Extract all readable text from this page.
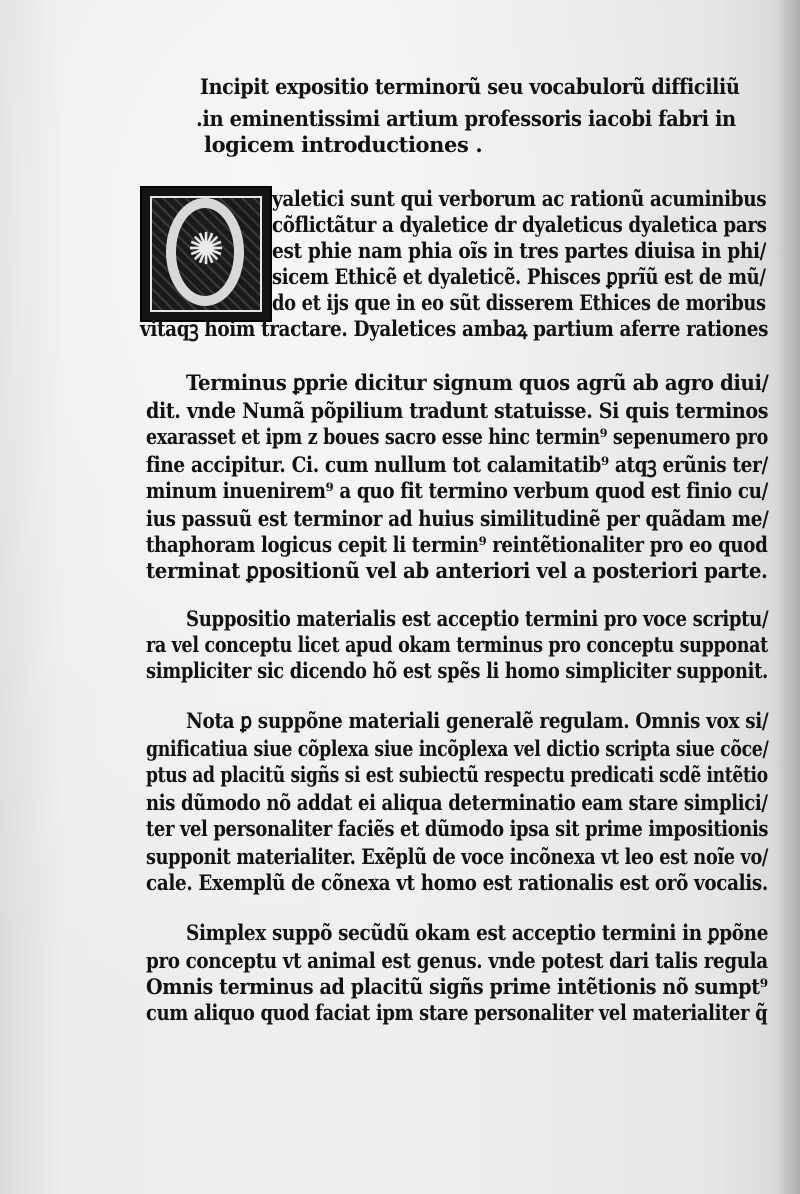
Incipit expositio terminorũ seu vocabulorũ difficiliũ
.in eminentissimi artium professoris iacobi fabri in
logicem introductiones .
✺
yaletici sunt qui verborum ac rationũ acuminibus
cõflictãtur a dyaletice dr dyaleticus dyaletica pars
est phie nam phia oĩs in tres partes diuisa in phi/
sicem Ethicẽ et dyaleticẽ. Phisces ꝑprĩũ est de mũ/
do et ijs que in eo sũt disserem Ethices de moribus
vitaqꝫ hoim tractare. Dyaletices ambaꝝ partium aferre rationes
Terminus ꝑprie dicitur signum quos agrũ ab agro diui/
dit. vnde Numã põpilium tradunt statuisse. Si quis terminos
exarasset et ipm z boues sacro esse hinc termin⁹ sepenumero pro
fine accipitur. Ci. cum nullum tot calamitatib⁹ atqꝫ erũnis ter/
minum inuenirem⁹ a quo fit termino verbum quod est finio cu/
ius passuũ est terminor ad huius similitudinẽ per quãdam me/
thaphoram logicus cepit li termin⁹ reintẽtionaliter pro eo quod
terminat ꝑpositionũ vel ab anteriori vel a posteriori parte.
Suppositio materialis est acceptio termini pro voce scriptu/
ra vel conceptu licet apud okam terminus pro conceptu supponat
simpliciter sic dicendo hõ est spẽs li homo simpliciter supponit.
Nota ꝑ suppõne materiali generalẽ regulam. Omnis vox si/
gnificatiua siue cõplexa siue incõplexa vel dictio scripta siue cõce/
ptus ad placitũ sigñs si est subiectũ respectu predicati scdẽ intẽtio
nis dũmodo nõ addat ei aliqua determinatio eam stare simplici/
ter vel personaliter faciẽs et dũmodo ipsa sit prime impositionis
supponit materialiter. Exẽplũ de voce incõnexa vt leo est noĩe vo/
cale. Exemplũ de cõnexa vt homo est rationalis est orõ vocalis.
Simplex suppõ secũdũ okam est acceptio termini in ꝑpõne
pro conceptu vt animal est genus. vnde potest dari talis regula
Omnis terminus ad placitũ sigñs prime intẽtionis nõ sumpt⁹
cum aliquo quod faciat ipm stare personaliter vel materialiter q̃
